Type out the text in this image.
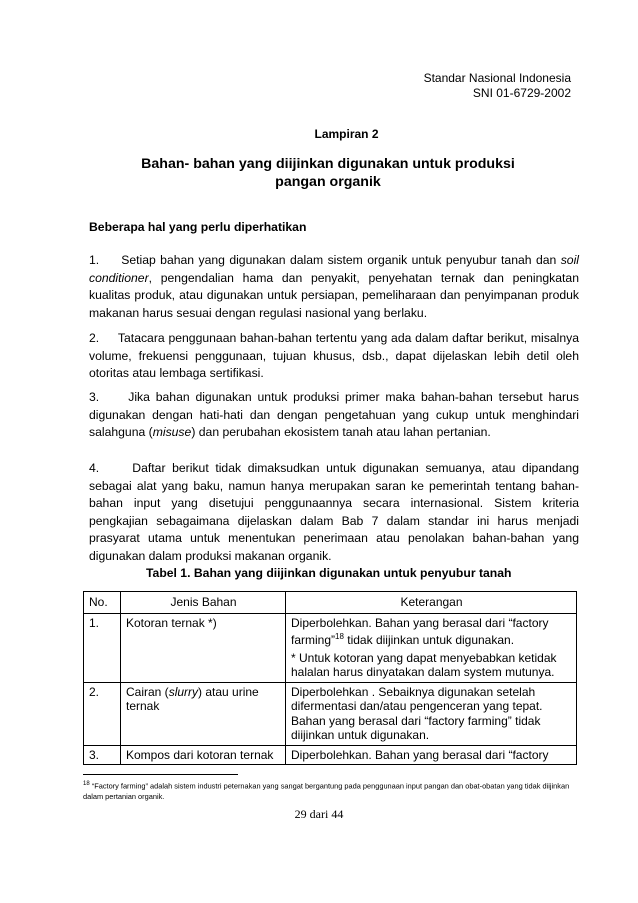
Standar Nasional Indonesia
SNI 01-6729-2002
Lampiran 2
Bahan- bahan yang diijinkan digunakan untuk produksi
pangan organik
Beberapa hal yang perlu diperhatikan
1.     Setiap bahan yang digunakan dalam sistem organik untuk penyubur tanah dan soil conditioner, pengendalian hama dan penyakit, penyehatan ternak dan peningkatan kualitas produk, atau digunakan untuk persiapan, pemeliharaan dan penyimpanan produk makanan harus sesuai dengan regulasi nasional yang berlaku.
2.     Tatacara penggunaan bahan-bahan tertentu yang ada dalam daftar berikut, misalnya volume, frekuensi penggunaan, tujuan khusus, dsb., dapat dijelaskan lebih detil oleh otoritas atau lembaga sertifikasi.
3.     Jika bahan digunakan untuk produksi primer maka bahan-bahan tersebut harus digunakan dengan hati-hati dan dengan pengetahuan yang cukup untuk menghindari salahguna (misuse) dan perubahan ekosistem tanah atau lahan pertanian.
4.     Daftar berikut tidak dimaksudkan untuk digunakan semuanya, atau dipandang sebagai alat yang baku, namun hanya merupakan saran ke pemerintah tentang bahan-bahan input yang disetujui penggunaannya secara internasional. Sistem kriteria pengkajian sebagaimana dijelaskan dalam Bab 7 dalam standar ini harus menjadi prasyarat utama untuk menentukan penerimaan atau penolakan bahan-bahan yang digunakan dalam produksi makanan organik.
Tabel 1. Bahan yang diijinkan digunakan untuk penyubur tanah
No.	Jenis Bahan	Keterangan
1.	Kotoran ternak *)	Diperbolehkan. Bahan yang berasal dari “factory farming”$^{18}$ tidak diijinkan untuk digunakan.
* Untuk kotoran yang dapat menyebabkan ketidak halalan harus dinyatakan dalam system mutunya.

2.	Cairan (slurry) atau urine ternak	Diperbolehkan . Sebaiknya digunakan setelah difermentasi dan/atau pengenceran yang tepat. Bahan yang berasal dari “factory farming” tidak diijinkan untuk digunakan.
3.	Kompos dari kotoran ternak	Diperbolehkan. Bahan yang berasal dari “factory
$^{18}$ “Factory farming” adalah sistem industri peternakan yang sangat bergantung pada penggunaan input pangan dan obat-obatan yang tidak diijinkan dalam pertanian organik.
29 dari 44
